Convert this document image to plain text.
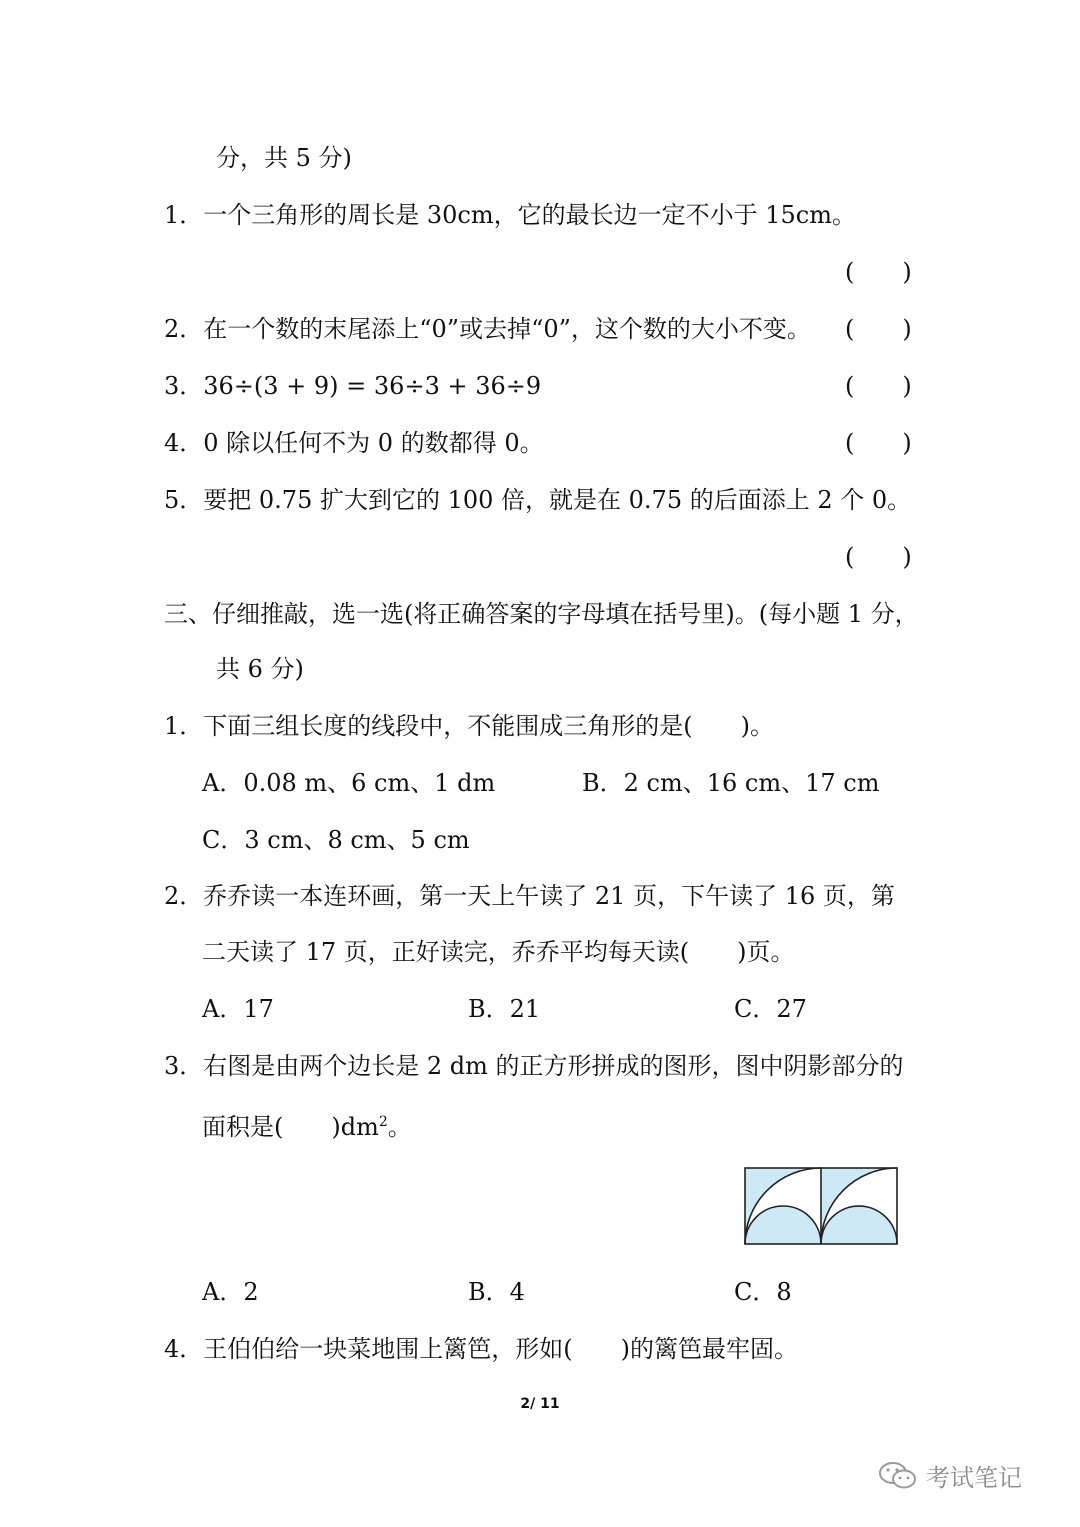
分，共 5 分)
1．一个三角形的周长是 30cm，它的最长边一定不小于 15cm。
(　　)
2．在一个数的末尾添上“0”或去掉“0”，这个数的大小不变。 (　　)
3．36÷(3 + 9) = 36÷3 + 36÷9	(　　)
4．0 除以任何不为 0 的数都得 0。	(　　)
5．要把 0.75 扩大到它的 100 倍，就是在 0.75 的后面添上 2 个 0。
(　　)
三、仔细推敲，选一选(将正确答案的字母填在括号里)。(每小题 1 分，
共 6 分)
1．下面三组长度的线段中，不能围成三角形的是(　　)。
A．0.08 m、6 cm、1 dm	B．2 cm、16 cm、17 cm
C．3 cm、8 cm、5 cm
2．乔乔读一本连环画，第一天上午读了 21 页，下午读了 16 页，第
二天读了 17 页，正好读完，乔乔平均每天读(　　)页。
A．17	B．21	C．27
3．右图是由两个边长是 2 dm 的正方形拼成的图形，图中阴影部分的
面积是(　　)$dm^2$。
A．2	B．4	C．8
4．王伯伯给一块菜地围上篱笆，形如(　　)的篱笆最牢固。
2/ 11
考试笔记
